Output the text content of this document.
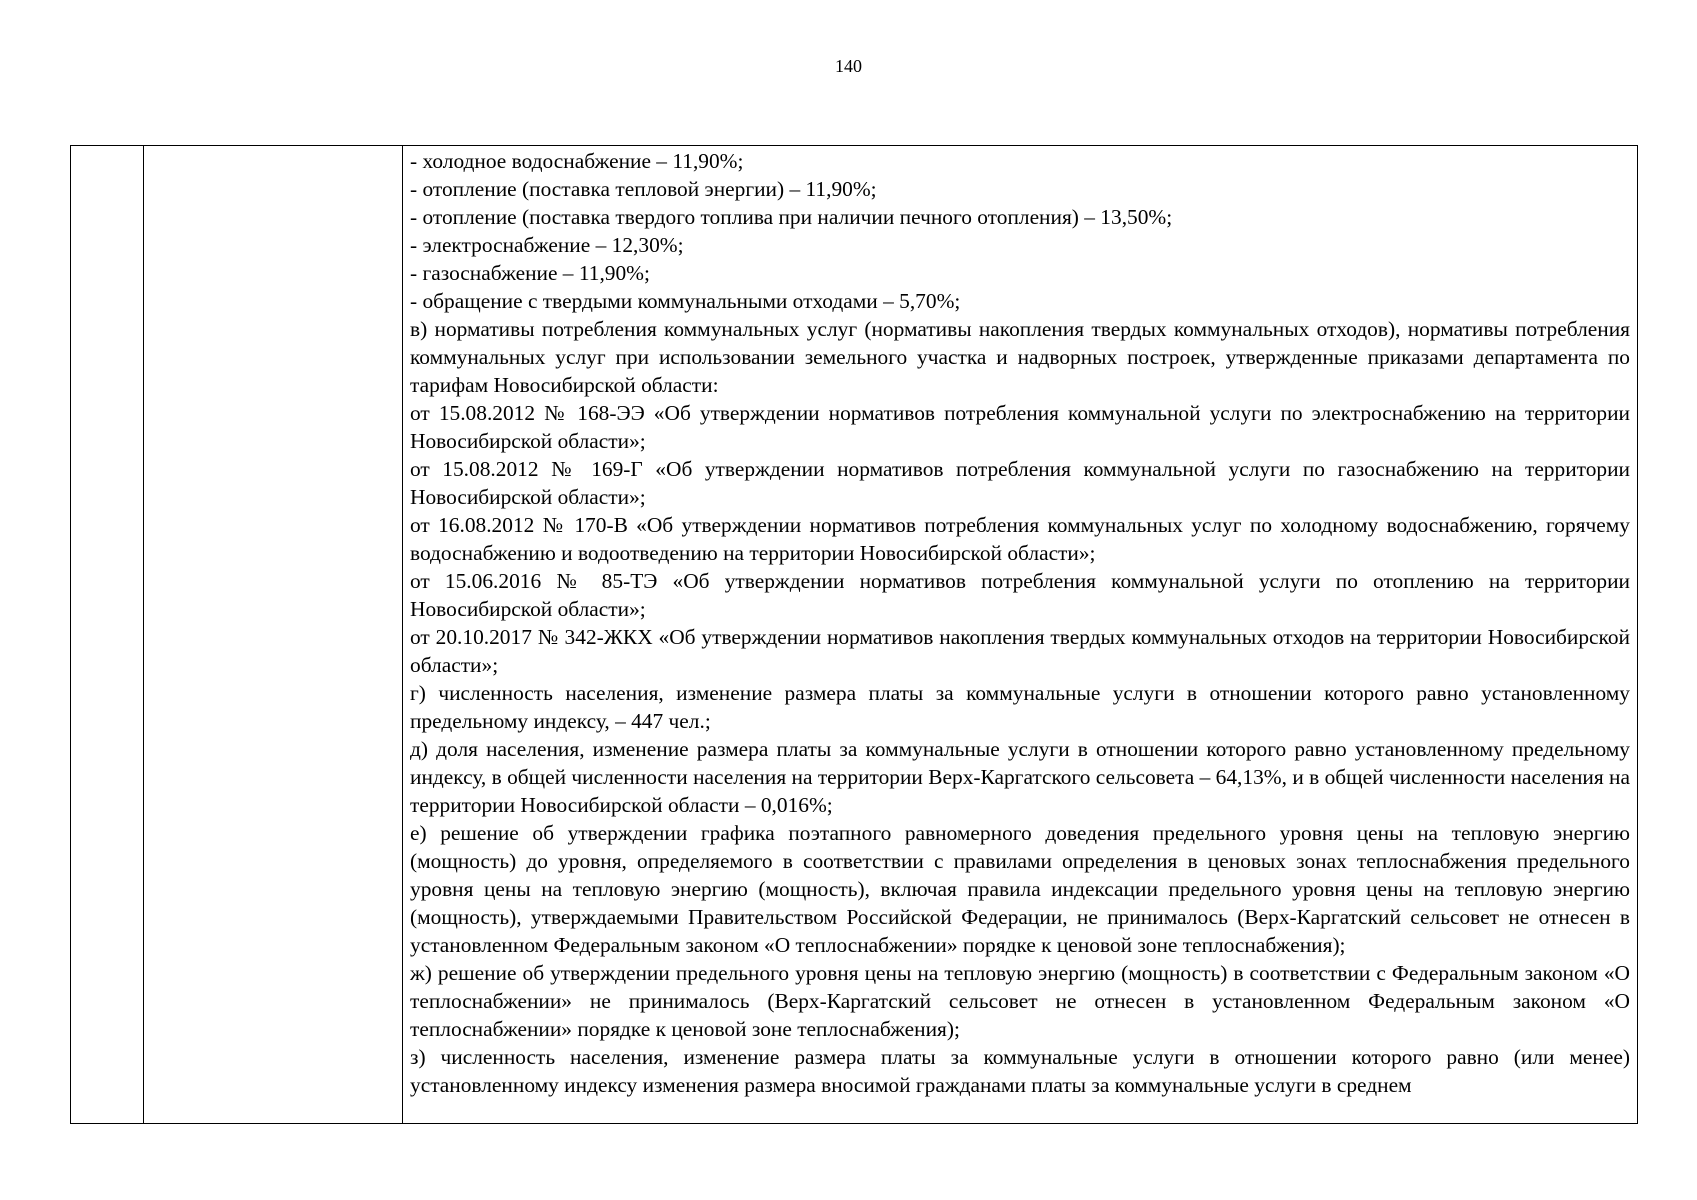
140

- холодное водоснабжение – 11,90%;

- отопление (поставка тепловой энергии) – 11,90%;

- отопление (поставка твердого топлива при наличии печного отопления) – 13,50%;

- электроснабжение – 12,30%;

- газоснабжение – 11,90%;

- обращение с твердыми коммунальными отходами – 5,70%;

в) нормативы потребления коммунальных услуг (нормативы накопления твердых коммунальных отходов), нормативы потребления коммунальных услуг при использовании земельного участка и надворных построек, утвержденные приказами департамента по тарифам Новосибирской области:

от 15.08.2012 № 168-ЭЭ «Об утверждении нормативов потребления коммунальной услуги по электроснабжению на территории Новосибирской области»;

от 15.08.2012 № 169-Г «Об утверждении нормативов потребления коммунальной услуги по газоснабжению на территории Новосибирской области»;

от 16.08.2012 № 170-В «Об утверждении нормативов потребления коммунальных услуг по холодному водоснабжению, горячему водоснабжению и водоотведению на территории Новосибирской области»;

от 15.06.2016 № 85-ТЭ «Об утверждении нормативов потребления коммунальной услуги по отоплению на территории Новосибирской области»;

от 20.10.2017 № 342-ЖКХ «Об утверждении нормативов накопления твердых коммунальных отходов на территории Новосибирской области»;

г) численность населения, изменение размера платы за коммунальные услуги в отношении которого равно установленному предельному индексу, – 447 чел.;

д) доля населения, изменение размера платы за коммунальные услуги в отношении которого равно установленному предельному индексу, в общей численности населения на территории Верх-Каргатского сельсовета – 64,13%, и в общей численности населения на территории Новосибирской области – 0,016%;

е) решение об утверждении графика поэтапного равномерного доведения предельного уровня цены на тепловую энергию (мощность) до уровня, определяемого в соответствии с правилами определения в ценовых зонах теплоснабжения предельного уровня цены на тепловую энергию (мощность), включая правила индексации предельного уровня цены на тепловую энергию (мощность), утверждаемыми Правительством Российской Федерации, не принималось (Верх-Каргатский сельсовет не отнесен в установленном Федеральным законом «О теплоснабжении» порядке к ценовой зоне теплоснабжения);

ж) решение об утверждении предельного уровня цены на тепловую энергию (мощность) в соответствии с Федеральным законом «О теплоснабжении» не принималось (Верх-Каргатский сельсовет не отнесен в установленном Федеральным законом «О теплоснабжении» порядке к ценовой зоне теплоснабжения);

з) численность населения, изменение размера платы за коммунальные услуги в отношении которого равно (или менее) установленному индексу изменения размера вносимой гражданами платы за коммунальные услуги в среднем
